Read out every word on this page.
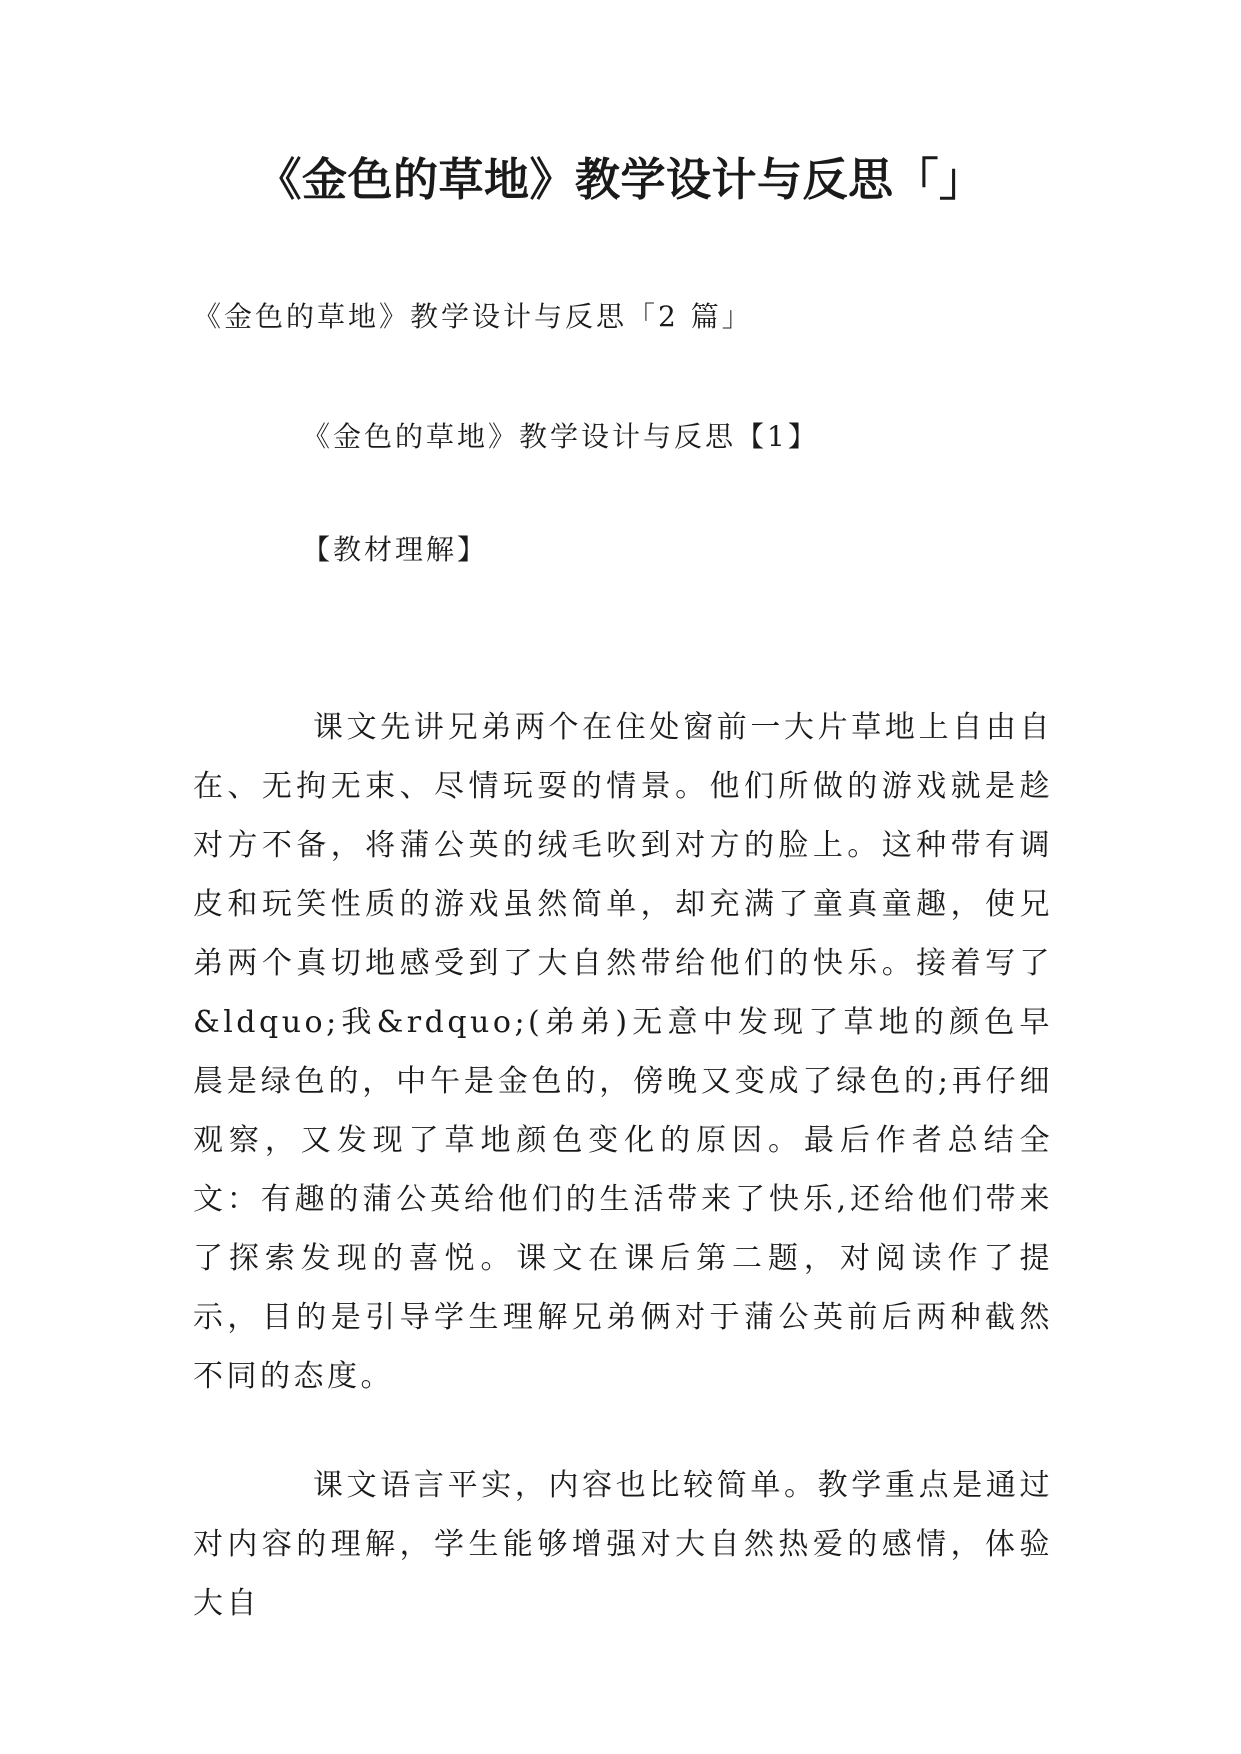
《金色的草地》教学设计与反思「」

《金色的草地》教学设计与反思「2 篇」

《金色的草地》教学设计与反思【1】

【教材理解】

课文先讲兄弟两个在住处窗前一大片草地上自由自在、无拘无束、尽情玩耍的情景。他们所做的游戏就是趁对方不备，将蒲公英的绒毛吹到对方的脸上。这种带有调皮和玩笑性质的游戏虽然简单，却充满了童真童趣，使兄弟两个真切地感受到了大自然带给他们的快乐。接着写了&ldquo;我&rdquo;(弟弟)无意中发现了草地的颜色早晨是绿色的，中午是金色的，傍晚又变成了绿色的;再仔细观察，又发现了草地颜色变化的原因。最后作者总结全文：有趣的蒲公英给他们的生活带来了快乐,还给他们带来了探索发现的喜悦。课文在课后第二题，对阅读作了提示，目的是引导学生理解兄弟俩对于蒲公英前后两种截然不同的态度。

课文语言平实，内容也比较简单。教学重点是通过对内容的理解，学生能够增强对大自然热爱的感情，体验大自
